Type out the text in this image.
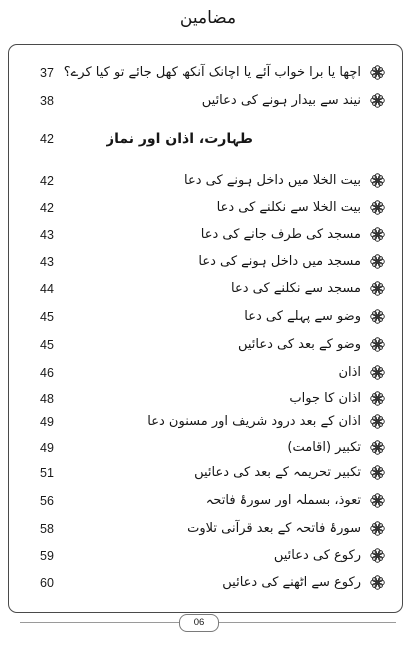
مضامین
37 اچھا یا برا خواب آئے یا اچانک آنکھ کھل جائے تو کیا کرے؟
38	نیند سے بیدار ہونے کی دعائیں
42	طہارت، اذان اور نماز
42	بیت الخلا میں داخل ہونے کی دعا
42	بیت الخلا سے نکلنے کی دعا
43	مسجد کی طرف جانے کی دعا
43	مسجد میں داخل ہونے کی دعا
44	مسجد سے نکلنے کی دعا
45	وضو سے پہلے کی دعا
45	وضو کے بعد کی دعائیں
46	اذان
48	اذان کا جواب
49	اذان کے بعد درود شریف اور مسنون دعا
49	تکبیر (اقامت)
51	تکبیر تحریمہ کے بعد کی دعائیں
56	تعوذ، بسملہ اور سورۂ فاتحہ
58	سورۂ فاتحہ کے بعد قرآنی تلاوت
59	رکوع کی دعائیں
60	رکوع سے اٹھنے کی دعائیں
06
